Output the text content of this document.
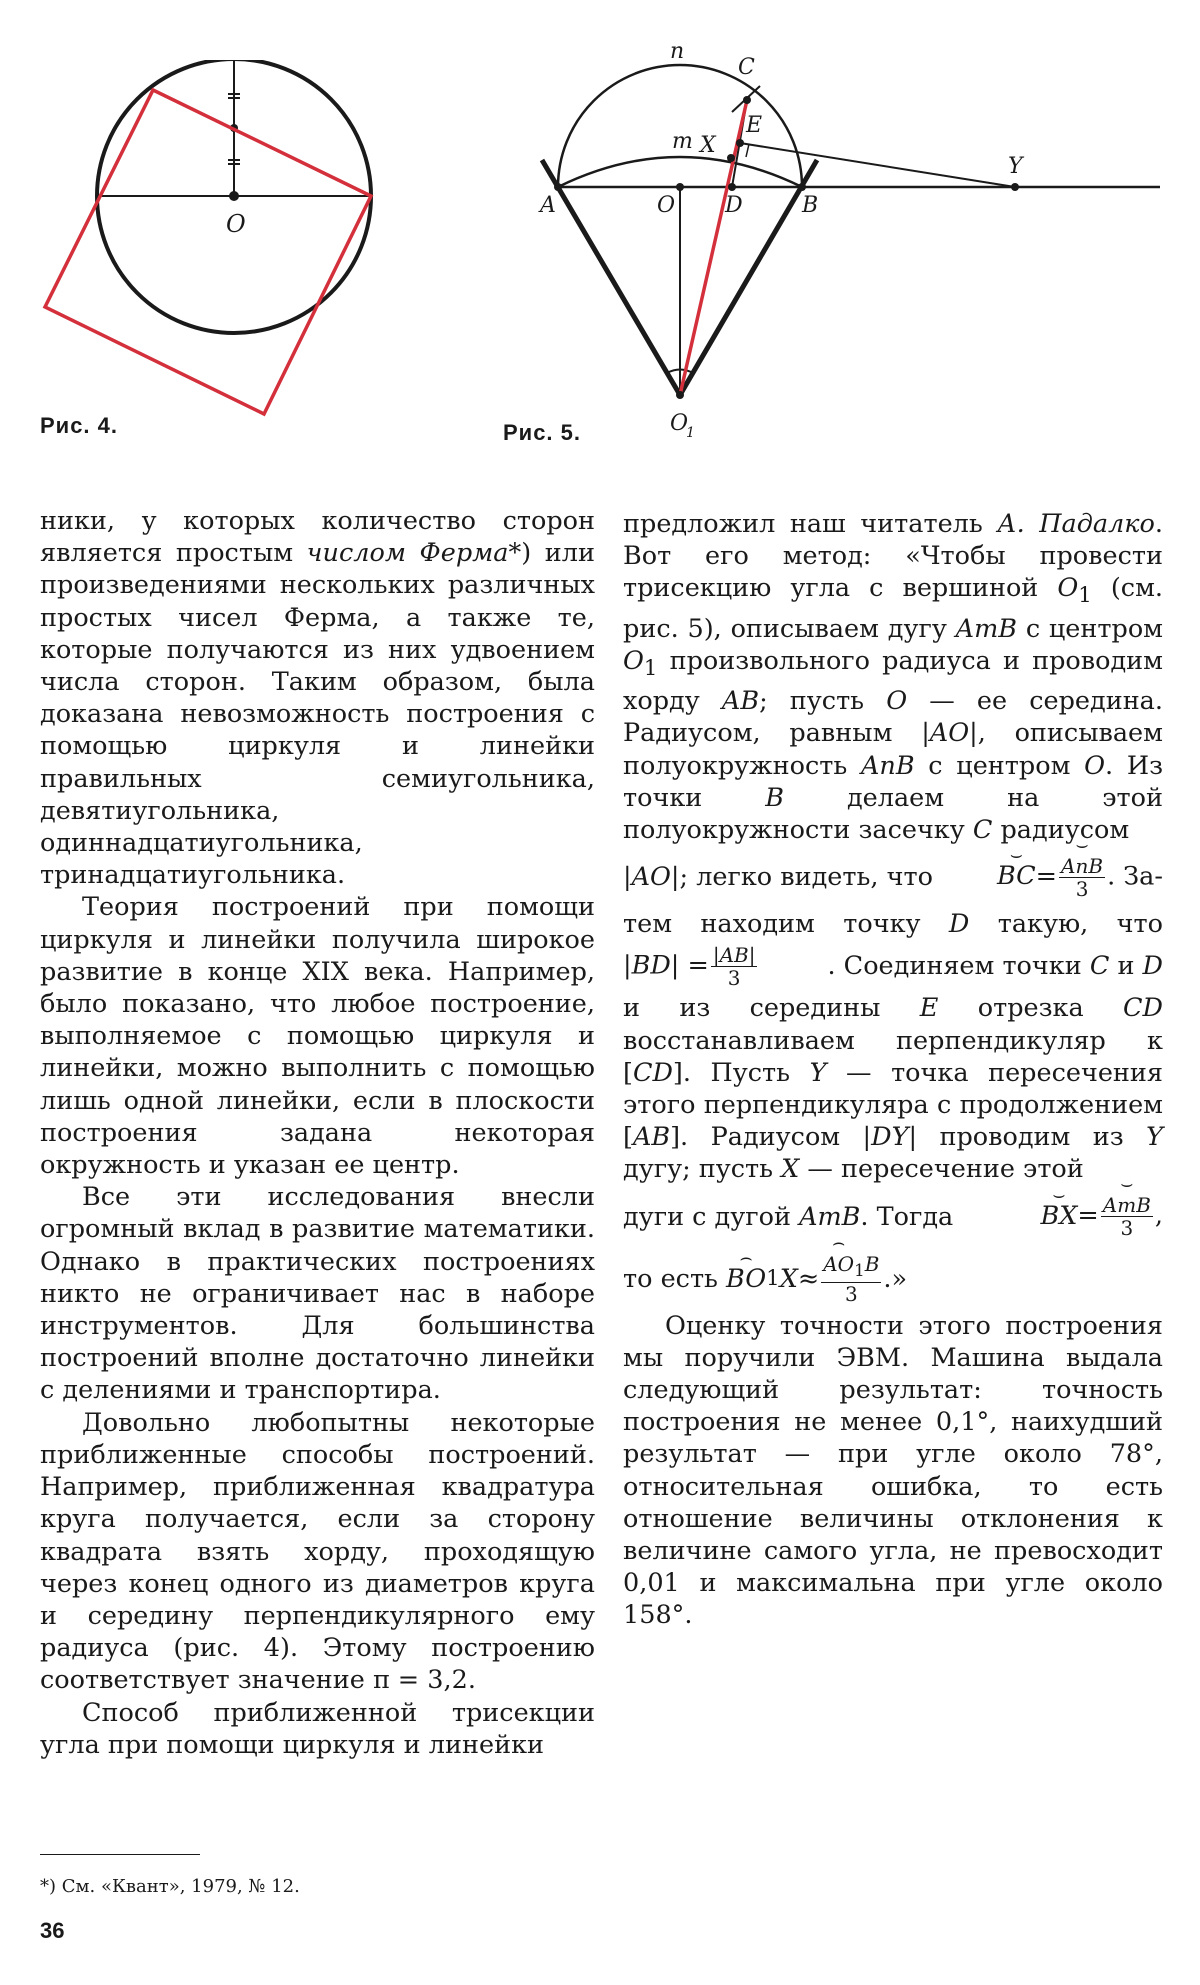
O
Рис. 4.
n
C
m X
E
Y
A	O D	B
O
1
Рис. 5.

ники, у которых количество сторон является простым числом Ферма*) или произведениями нескольких различных простых чисел Ферма, а также те, которые получаются из них удвоением числа сторон. Таким образом, была доказана невозможность построения с помощью циркуля и линейки правильных семиугольника, девятиугольника, одиннадцатиугольника, тринадцатиугольника.

Теория построений при помощи циркуля и линейки получила широкое развитие в конце XIX века. Например, было показано, что любое построение, выполняемое с помощью циркуля и линейки, можно выполнить с помощью лишь одной линейки, если в плоскости построения задана некоторая окружность и указан ее центр.

Все эти исследования внесли огромный вклад в развитие математики. Однако в практических построениях никто не ограничивает нас в наборе инструментов. Для большинства построений вполне достаточно линейки с делениями и транспортира.

Довольно любопытны некоторые приближенные способы построений. Например, приближенная квадратура круга получается, если за сторону квадрата взять хорду, проходящую через конец одного из диаметров круга и середину перпендикулярного ему радиуса (рис. 4). Этому построению соответствует значение π = 3,2.

Способ приближенной трисекции угла при помощи циркуля и линейки

предложил наш читатель А. Падалко. Вот его метод: «Чтобы провести трисекцию угла с вершиной $O_1$ (см. рис. 5), описываем дугу AmB с центром $O_1$ произвольного радиуса и проводим хорду AB; пусть O — ее середина. Радиусом, равным |AO|, описываем полуокружность AnB с центром O. Из точки B делаем на этой полуокружности засечку C радиусом

|AO|; легко видеть, что	⌣ BC= ⌣ $\frac{\text{AnB}}{3}$ . За-
тем находим точку D такую, что
$|BD| = \frac{|AB|}{3}$	. Соединяем точки C и D

и из середины E отрезка CD восстанавливаем перпендикуляр к [CD]. Пусть Y — точка пересечения этого перпендикуляра с продолжением [AB]. Радиусом |DY| проводим из Y дугу; пусть X — пересечение этой

дуги с дугой AmB. Тогда	⌣ BX= ⌣ $\frac{\text{AmB}}{3}$ ,
то есть
⌢ BO 1 X ≈ ⌢ $\frac{AO_1B}{3}$ .»

Оценку точности этого построения мы поручили ЭВМ. Машина выдала следующий результат: точность построения не менее 0,1°, наихудший результат — при угле около 78°, относительная ошибка, то есть отношение величины отклонения к величине самого угла, не превосходит 0,01 и максимальна при угле около 158°.

*) См. «Квант», 1979, № 12.
36
